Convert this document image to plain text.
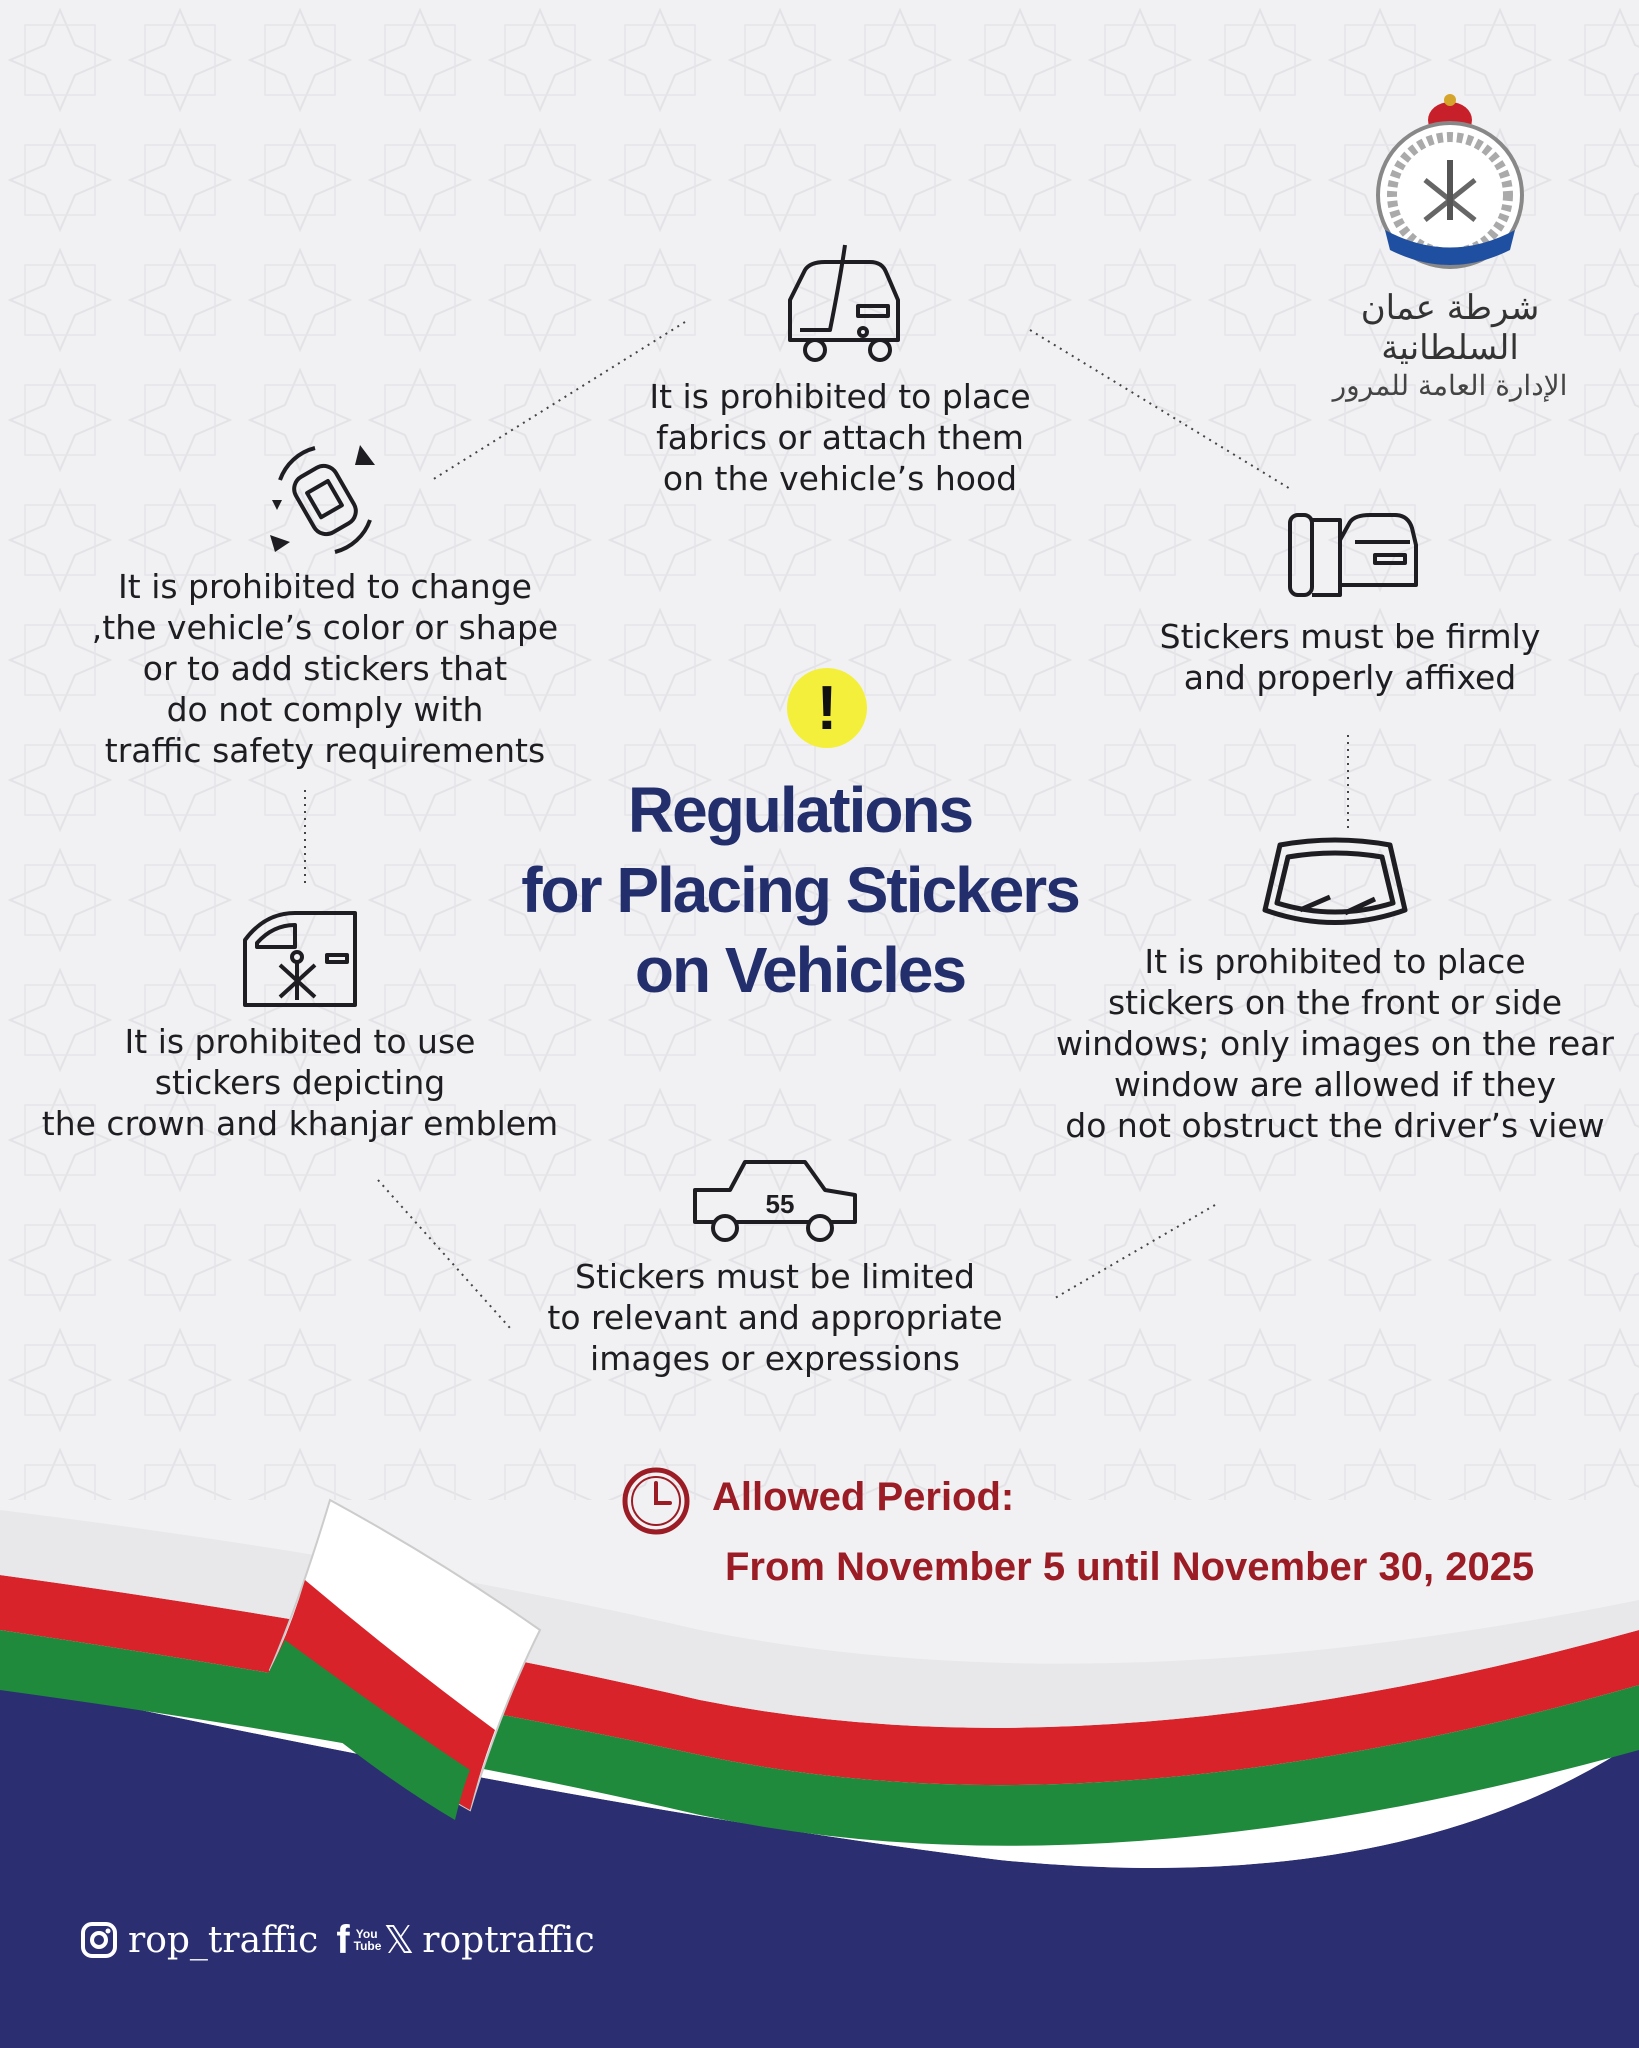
شرطة عمان السلطانية
الإدارة العامة للمرور
It is prohibited to place
fabrics or attach them
on the vehicle’s hood
Stickers must be firmly
and properly affixed
It is prohibited to place
stickers on the front or side
windows; only images on the rear
window are allowed if they
do not obstruct the driver’s view
55
Stickers must be limited
to relevant and appropriate
images or expressions
It is prohibited to use
stickers depicting
the crown and khanjar emblem
It is prohibited to change
,the vehicle’s color or shape
or to add stickers that
do not comply with
traffic safety requirements
!
Regulations
for Placing Stickers
on Vehicles
Allowed Period:
From November 5 until November 30, 2025
rop_traffic f You Tube 𝕏 roptraffic
